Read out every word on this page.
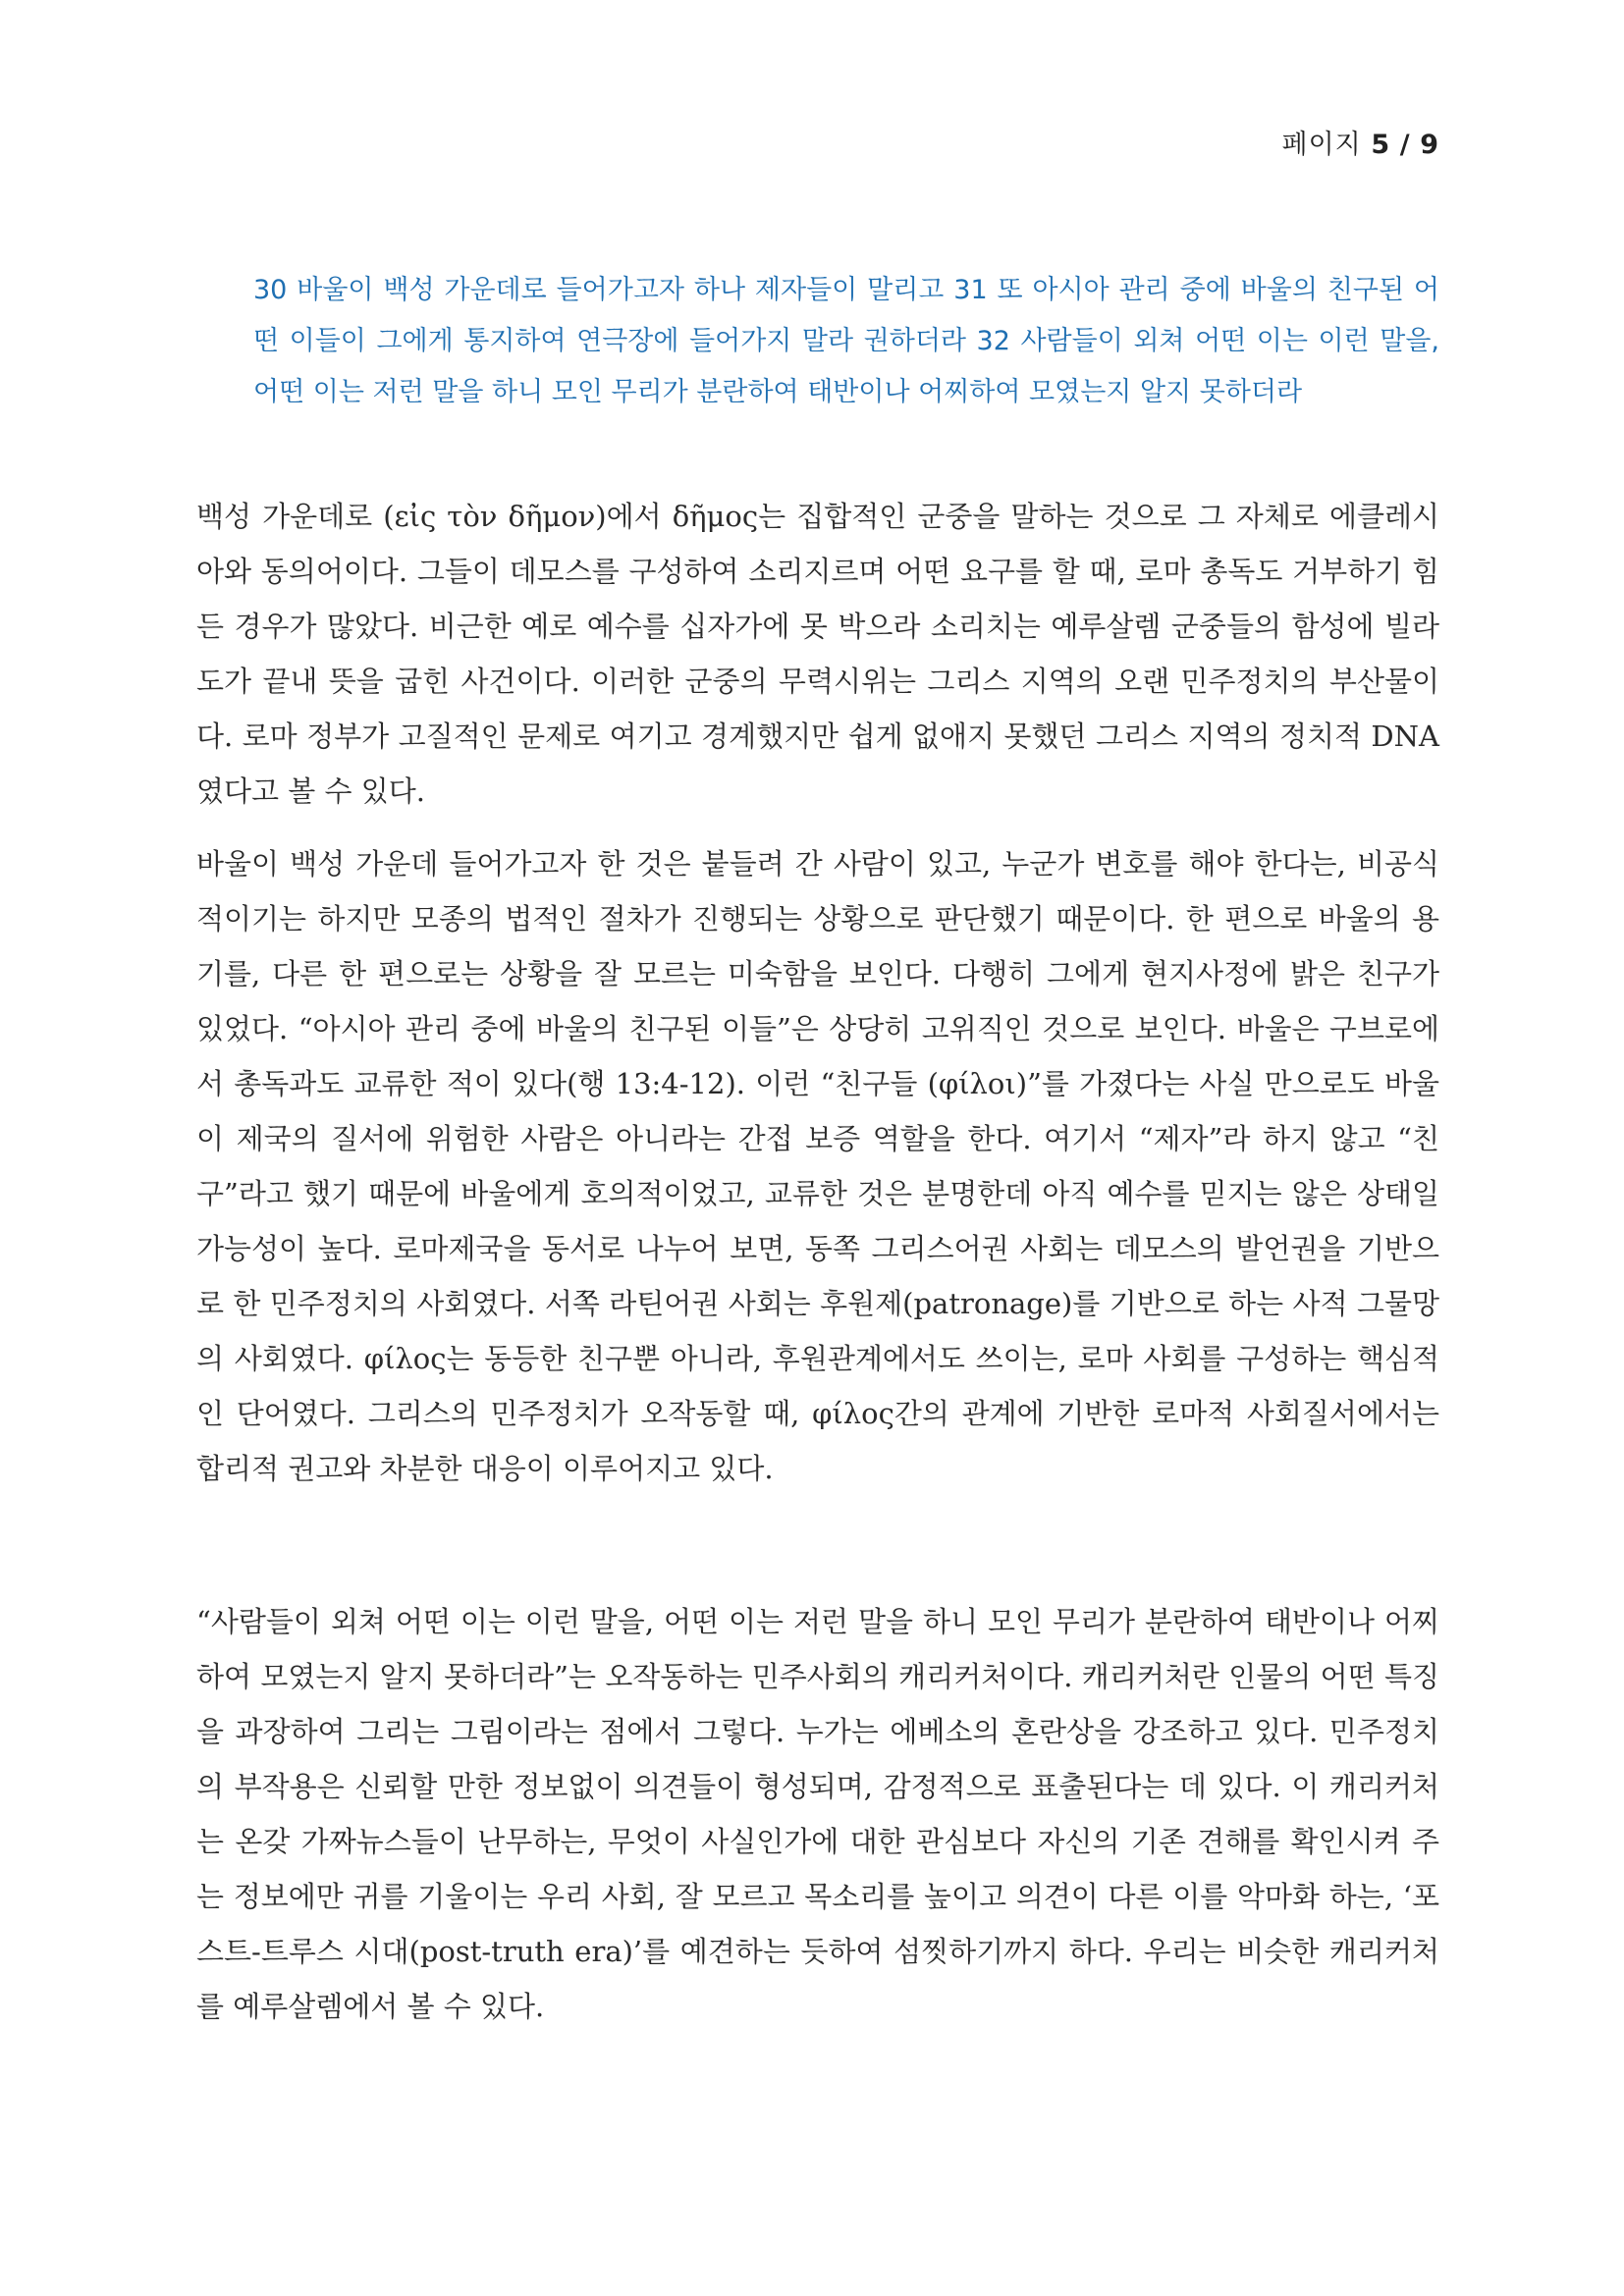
페이지 5 / 9
30 바울이 백성 가운데로 들어가고자 하나 제자들이 말리고 31 또 아시아 관리 중에 바울의 친구된 어떤 이들이 그에게 통지하여 연극장에 들어가지 말라 권하더라 32 사람들이 외쳐 어떤 이는 이런 말을, 어떤 이는 저런 말을 하니 모인 무리가 분란하여 태반이나 어찌하여 모였는지 알지 못하더라

백성 가운데로 (εἰς τὸν δῆμον)에서 δῆμος는 집합적인 군중을 말하는 것으로 그 자체로 에클레시아와 동의어이다. 그들이 데모스를 구성하여 소리지르며 어떤 요구를 할 때, 로마 총독도 거부하기 힘든 경우가 많았다. 비근한 예로 예수를 십자가에 못 박으라 소리치는 예루살렘 군중들의 함성에 빌라도가 끝내 뜻을 굽힌 사건이다. 이러한 군중의 무력시위는 그리스 지역의 오랜 민주정치의 부산물이다. 로마 정부가 고질적인 문제로 여기고 경계했지만 쉽게 없애지 못했던 그리스 지역의 정치적 DNA였다고 볼 수 있다.

바울이 백성 가운데 들어가고자 한 것은 붙들려 간 사람이 있고, 누군가 변호를 해야 한다는, 비공식적이기는 하지만 모종의 법적인 절차가 진행되는 상황으로 판단했기 때문이다. 한 편으로 바울의 용기를, 다른 한 편으로는 상황을 잘 모르는 미숙함을 보인다. 다행히 그에게 현지사정에 밝은 친구가 있었다. “아시아 관리 중에 바울의 친구된 이들”은 상당히 고위직인 것으로 보인다. 바울은 구브로에서 총독과도 교류한 적이 있다(행 13:4-12). 이런 “친구들 (φίλοι)”를 가졌다는 사실 만으로도 바울이 제국의 질서에 위험한 사람은 아니라는 간접 보증 역할을 한다. 여기서 “제자”라 하지 않고 “친구”라고 했기 때문에 바울에게 호의적이었고, 교류한 것은 분명한데 아직 예수를 믿지는 않은 상태일 가능성이 높다. 로마제국을 동서로 나누어 보면, 동쪽 그리스어권 사회는 데모스의 발언권을 기반으로 한 민주정치의 사회였다. 서쪽 라틴어권 사회는 후원제(patronage)를 기반으로 하는 사적 그물망의 사회였다. φίλος는 동등한 친구뿐 아니라, 후원관계에서도 쓰이는, 로마 사회를 구성하는 핵심적인 단어였다. 그리스의 민주정치가 오작동할 때, φίλος간의 관계에 기반한 로마적 사회질서에서는 합리적 권고와 차분한 대응이 이루어지고 있다.

“사람들이 외쳐 어떤 이는 이런 말을, 어떤 이는 저런 말을 하니 모인 무리가 분란하여 태반이나 어찌하여 모였는지 알지 못하더라”는 오작동하는 민주사회의 캐리커처이다. 캐리커처란 인물의 어떤 특징을 과장하여 그리는 그림이라는 점에서 그렇다. 누가는 에베소의 혼란상을 강조하고 있다. 민주정치의 부작용은 신뢰할 만한 정보없이 의견들이 형성되며, 감정적으로 표출된다는 데 있다. 이 캐리커처는 온갖 가짜뉴스들이 난무하는, 무엇이 사실인가에 대한 관심보다 자신의 기존 견해를 확인시켜 주는 정보에만 귀를 기울이는 우리 사회, 잘 모르고 목소리를 높이고 의견이 다른 이를 악마화 하는, ‘포스트-트루스 시대(post-truth era)’를 예견하는 듯하여 섬찟하기까지 하다. 우리는 비슷한 캐리커처를 예루살렘에서 볼 수 있다.
